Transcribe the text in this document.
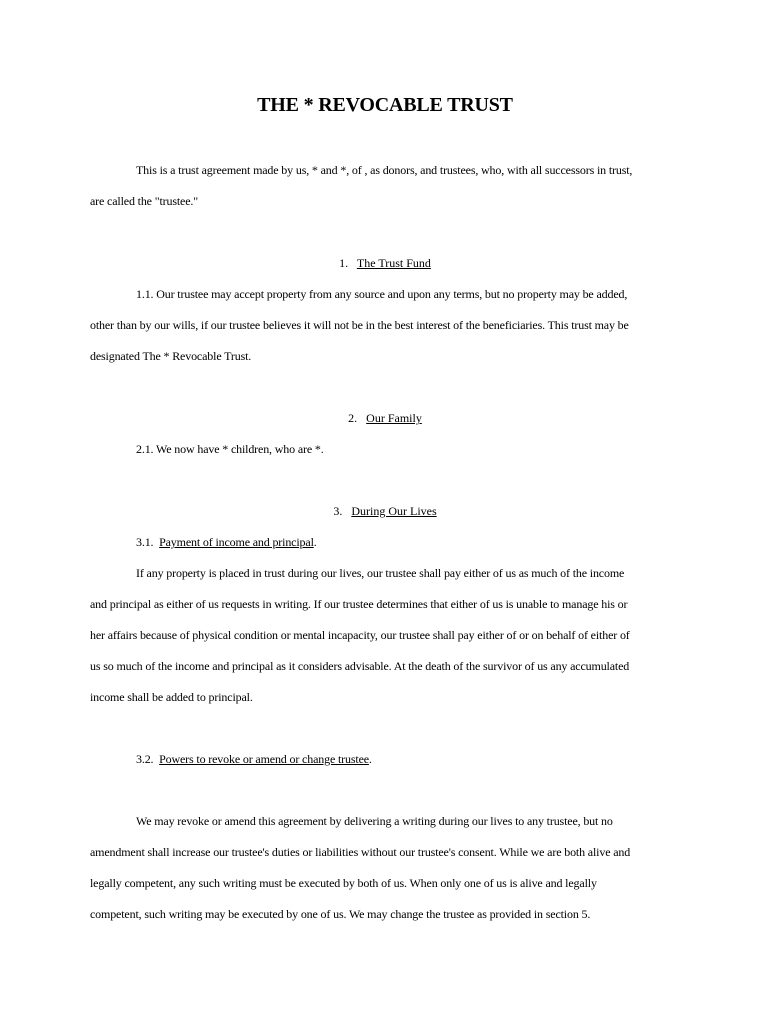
THE * REVOCABLE TRUST
This is a trust agreement made by us, * and *, of , as donors, and trustees, who, with all successors in trust,
are called the "trustee."
1. The Trust Fund
1.1. Our trustee may accept property from any source and upon any terms, but no property may be added,
other than by our wills, if our trustee believes it will not be in the best interest of the beneficiaries. This trust may be
designated The * Revocable Trust.
2. Our Family
2.1. We now have * children, who are *.
3. During Our Lives
3.1. Payment of income and principal.
If any property is placed in trust during our lives, our trustee shall pay either of us as much of the income
and principal as either of us requests in writing. If our trustee determines that either of us is unable to manage his or
her affairs because of physical condition or mental incapacity, our trustee shall pay either of or on behalf of either of
us so much of the income and principal as it considers advisable. At the death of the survivor of us any accumulated
income shall be added to principal.
3.2. Powers to revoke or amend or change trustee.
We may revoke or amend this agreement by delivering a writing during our lives to any trustee, but no
amendment shall increase our trustee's duties or liabilities without our trustee's consent. While we are both alive and
legally competent, any such writing must be executed by both of us. When only one of us is alive and legally
competent, such writing may be executed by one of us. We may change the trustee as provided in section 5.
